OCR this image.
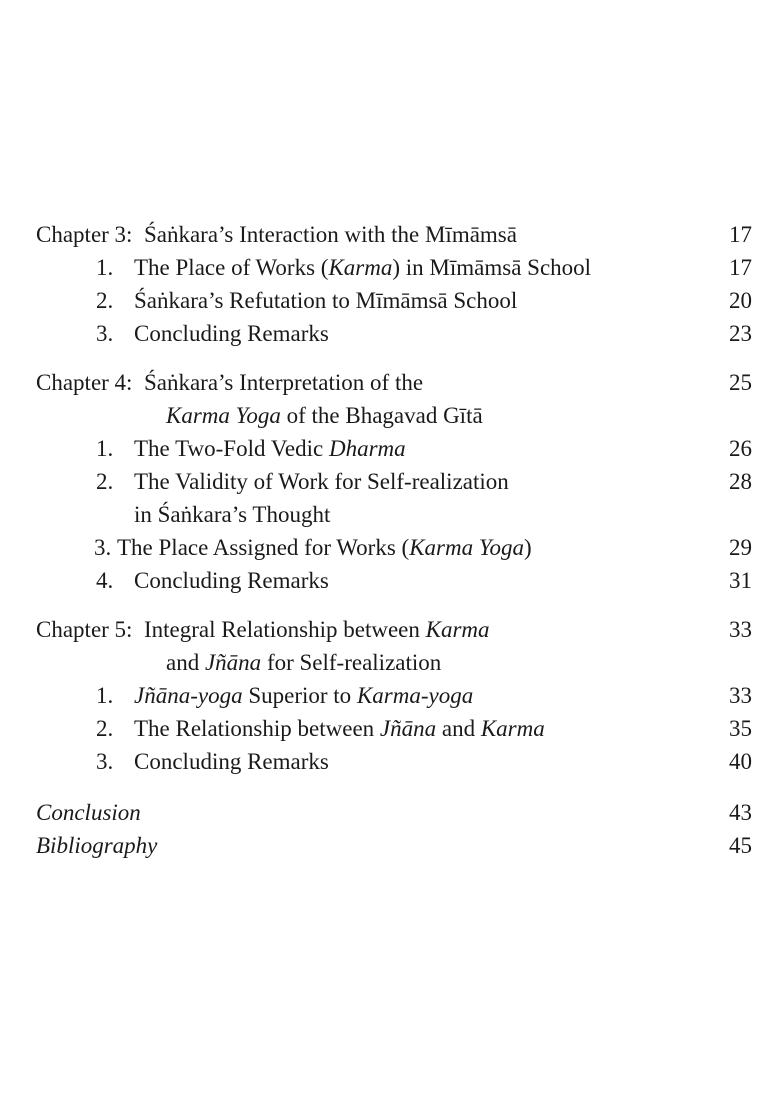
Chapter 3: Śaṅkara’s Interaction with the Mīmāmsā	17
1. The Place of Works (Karma) in Mīmāmsā School	17
2. Śaṅkara’s Refutation to Mīmāmsā School	20
3. Concluding Remarks	23
Chapter 4: Śaṅkara’s Interpretation of the	25
Karma Yoga of the Bhagavad Gītā
1. The Two-Fold Vedic Dharma	26
2. The Validity of Work for Self-realization	28
in Śaṅkara’s Thought
3. The Place Assigned for Works (Karma Yoga)	29
4. Concluding Remarks	31
Chapter 5: Integral Relationship between Karma	33
and Jñāna for Self-realization
1. Jñāna-yoga Superior to Karma-yoga	33
2. The Relationship between Jñāna and Karma	35
3. Concluding Remarks	40
Conclusion	43
Bibliography	45
